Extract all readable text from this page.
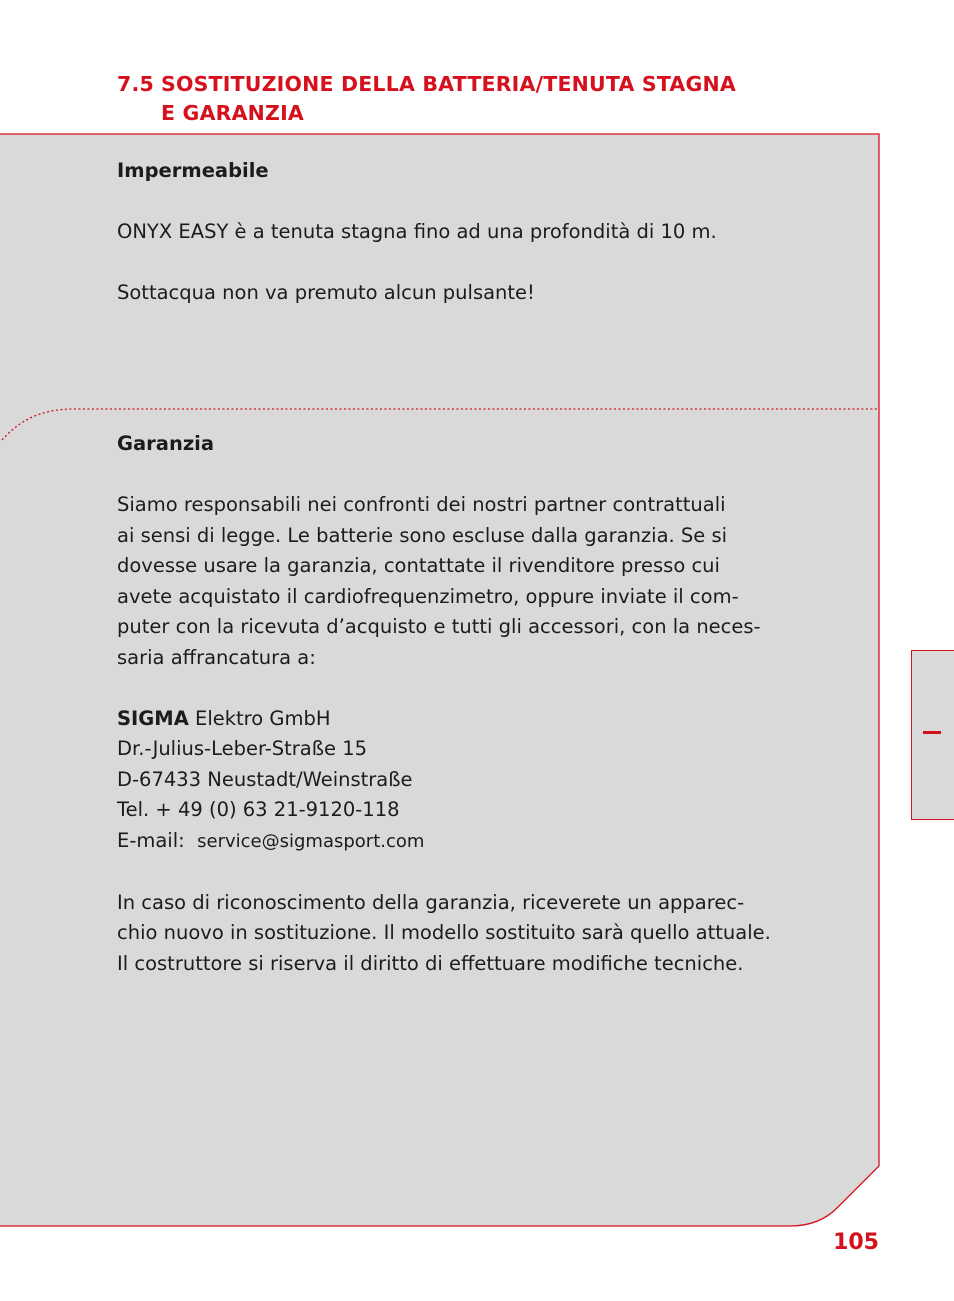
7.5 SOSTITUZIONE DELLA BATTERIA/TENUTA STAGNA
E GARANZIA

Impermeabile

ONYX EASY è a tenuta stagna fino ad una profondità di 10 m.

Sottacqua non va premuto alcun pulsante!

Garanzia

Siamo responsabili nei confronti dei nostri partner contrattuali
ai sensi di legge. Le batterie sono escluse dalla garanzia. Se si
dovesse usare la garanzia, contattate il rivenditore presso cui
avete acquistato il cardiofrequenzimetro, oppure inviate il com-
puter con la ricevuta d’acquisto e tutti gli accessori, con la neces-
saria affrancatura a:
SIGMA Elektro GmbH
Dr.-Julius-Leber-Straße 15
D-67433 Neustadt/Weinstraße
Tel. + 49 (0) 63 21-9120-118
E-mail: service@sigmasport.com
In caso di riconoscimento della garanzia, riceverete un apparec-
chio nuovo in sostituzione. Il modello sostituito sarà quello attuale.
Il costruttore si riserva il diritto di effettuare modifiche tecniche.
105
